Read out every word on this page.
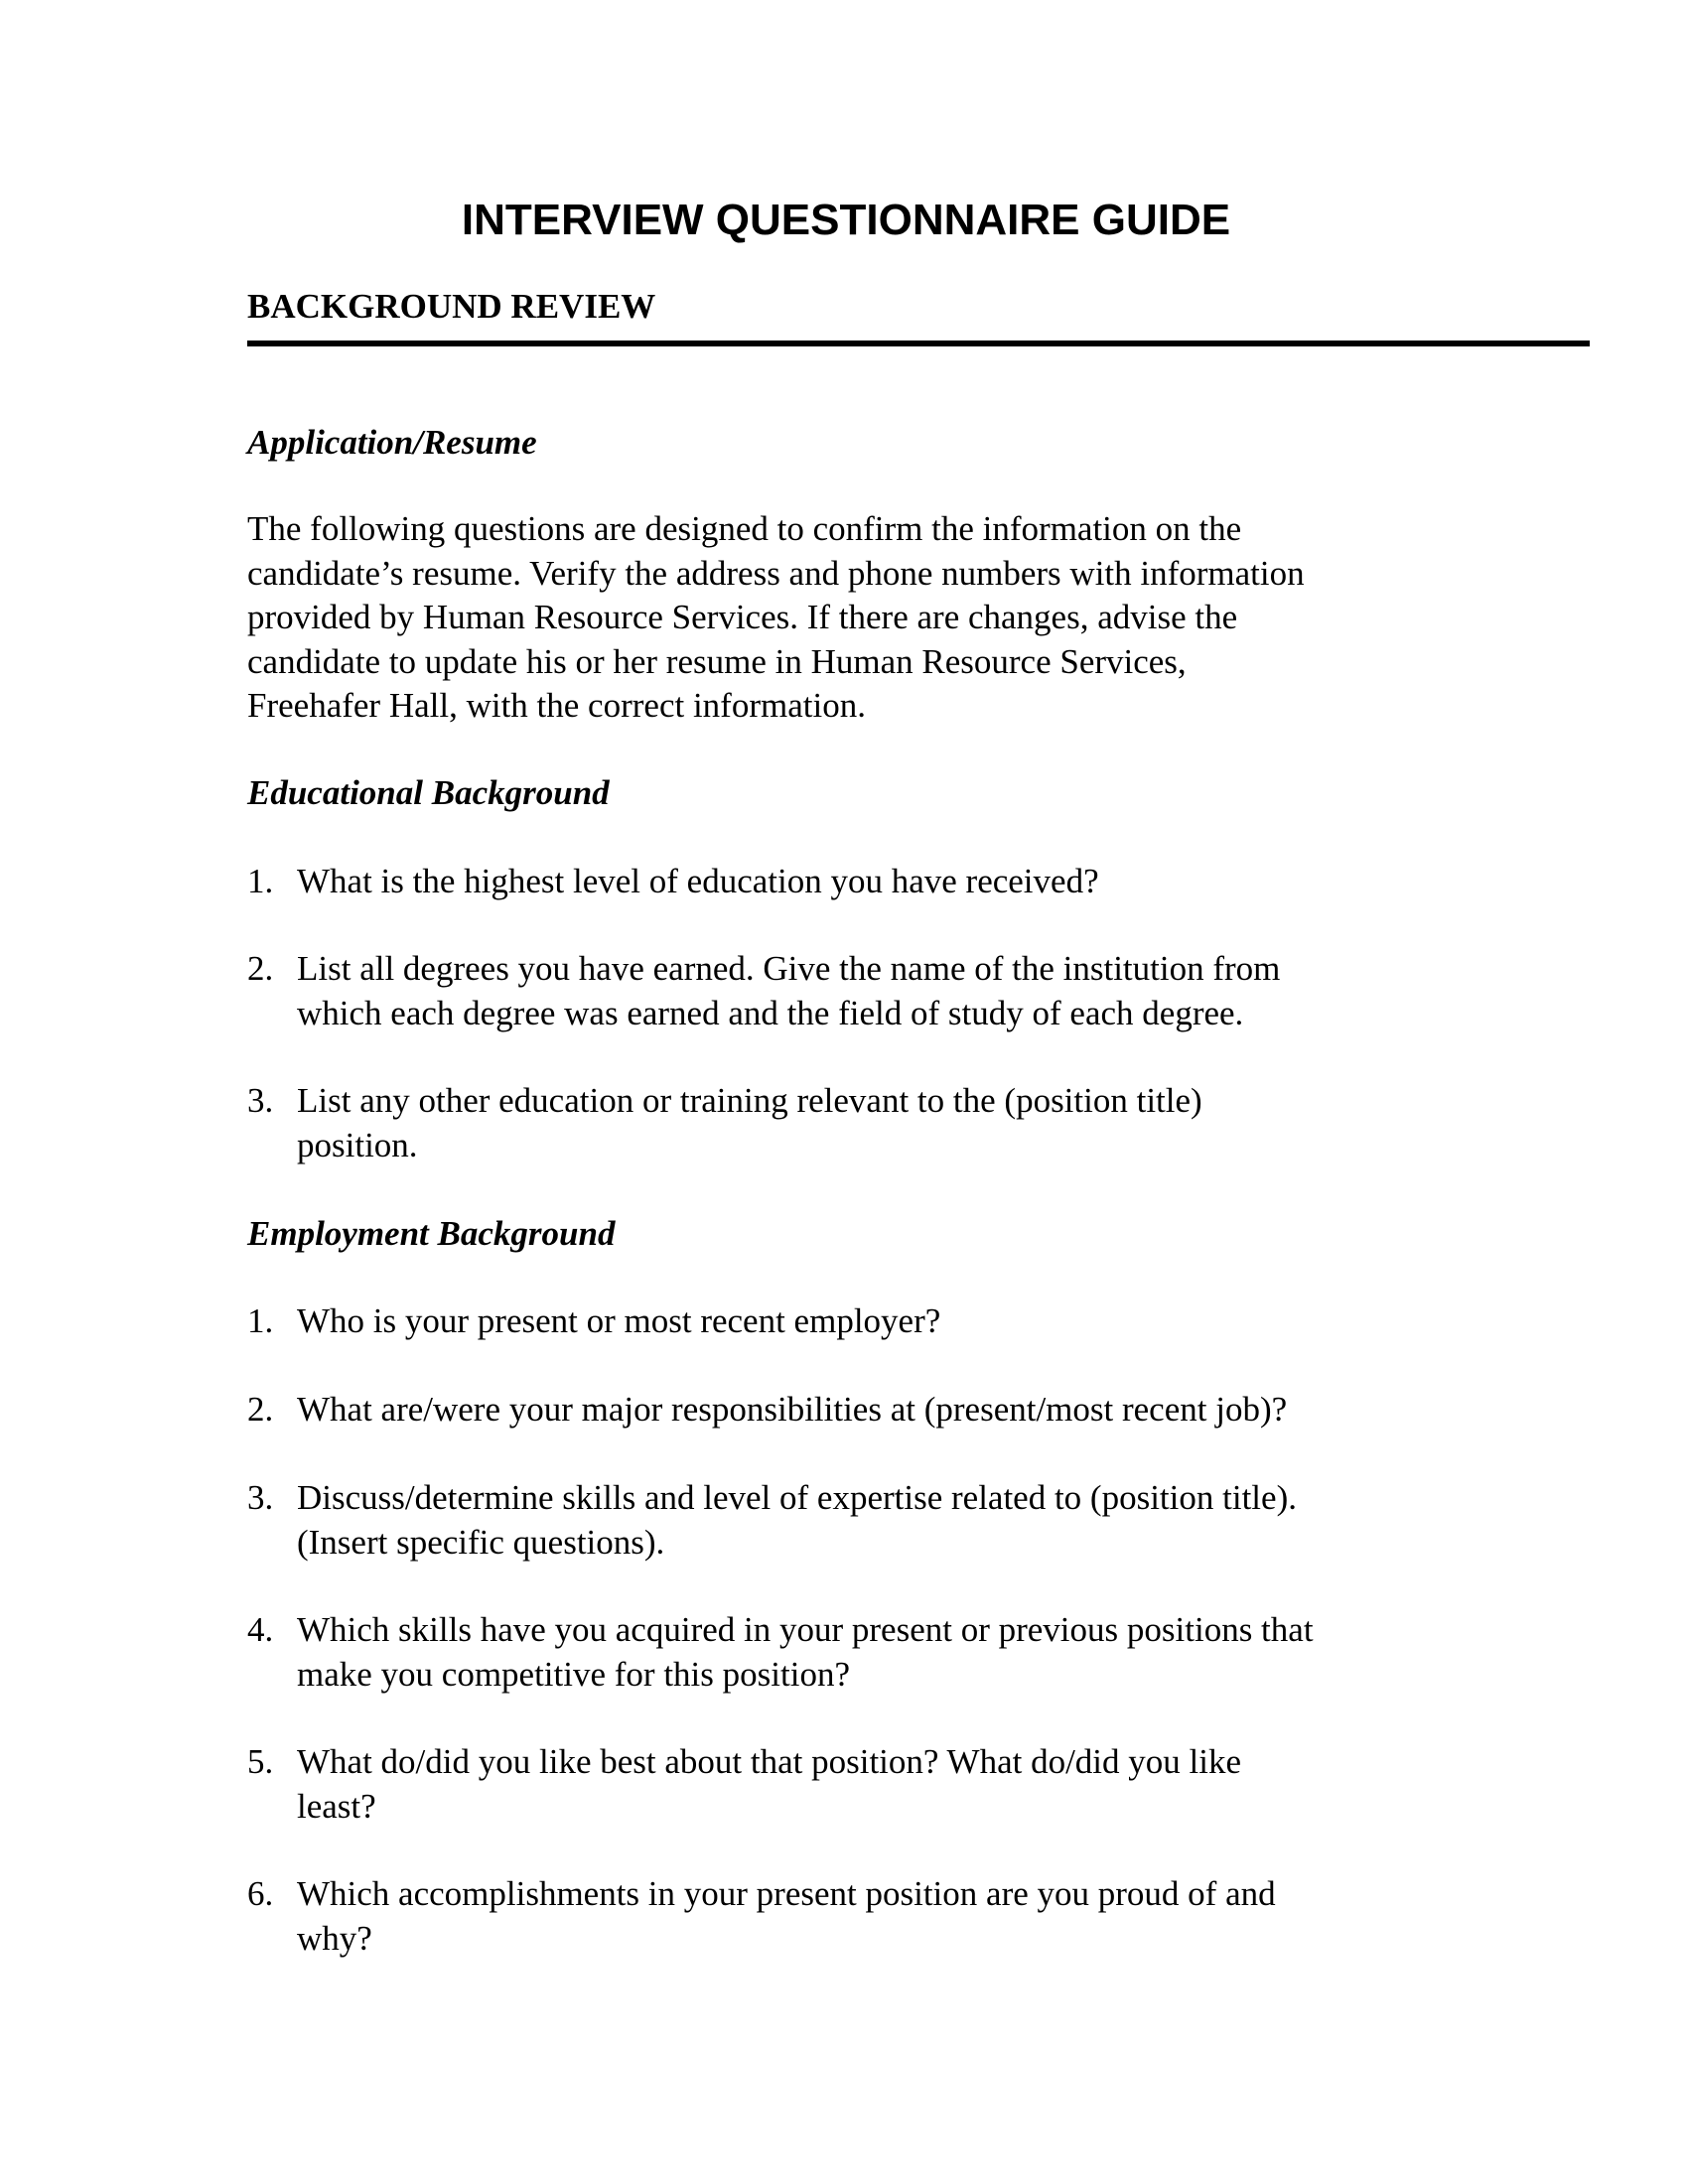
INTERVIEW QUESTIONNAIRE GUIDE
BACKGROUND REVIEW
Application/Resume

The following questions are designed to confirm the information on the
candidate’s resume. Verify the address and phone numbers with information
provided by Human Resource Services. If there are changes, advise the
candidate to update his or her resume in Human Resource Services,
Freehafer Hall, with the correct information.

Educational Background
1. What is the highest level of education you have received?
2. List all degrees you have earned. Give the name of the institution from
which each degree was earned and the field of study of each degree.
3. List any other education or training relevant to the (position title)
position.
Employment Background
1. Who is your present or most recent employer?
2. What are/were your major responsibilities at (present/most recent job)?
3. Discuss/determine skills and level of expertise related to (position title).
(Insert specific questions).
4. Which skills have you acquired in your present or previous positions that
make you competitive for this position?
5. What do/did you like best about that position? What do/did you like
least?
6. Which accomplishments in your present position are you proud of and
why?
